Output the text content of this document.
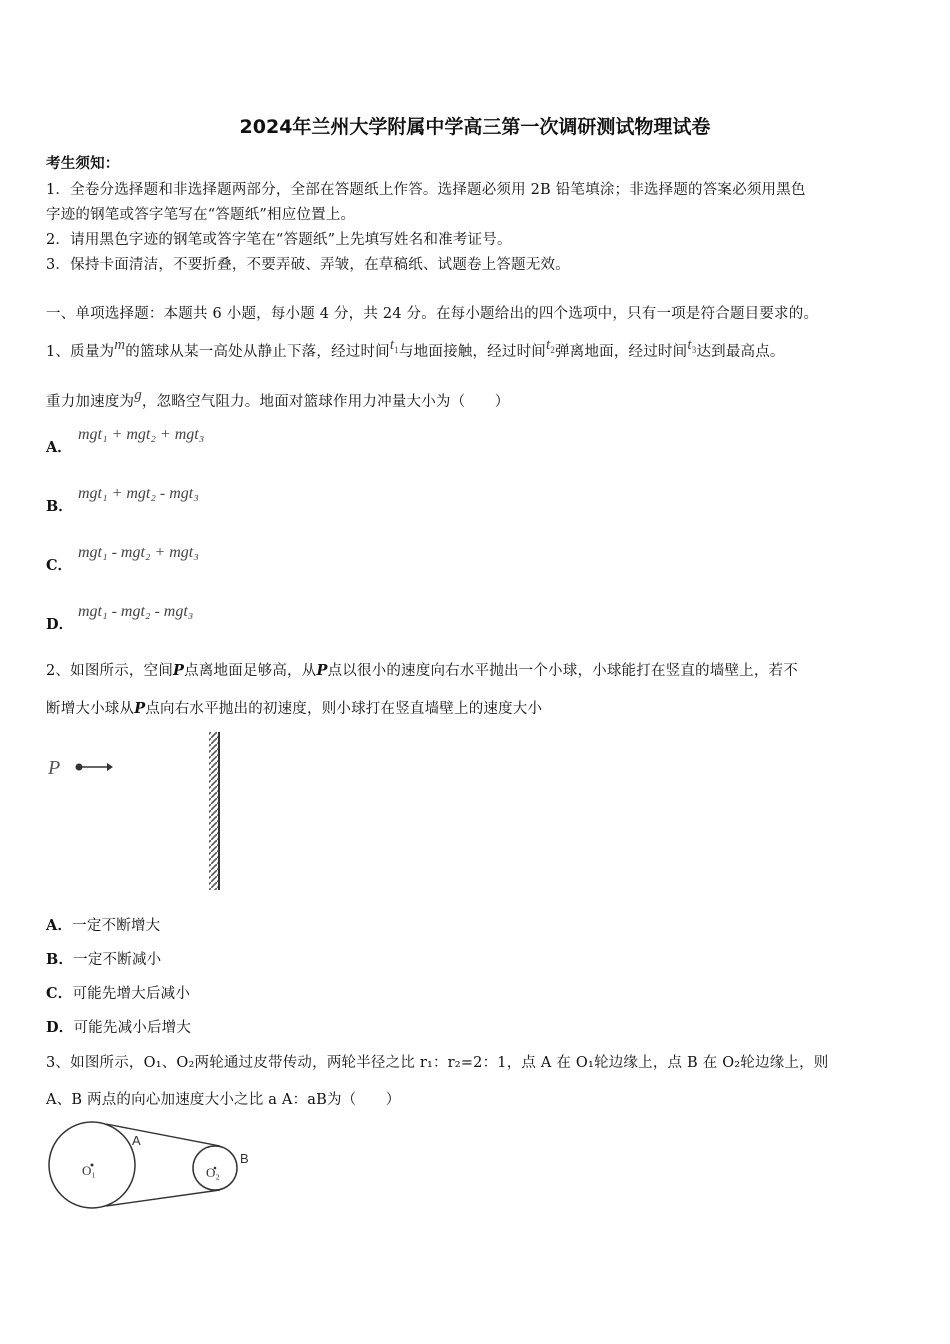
2024年兰州大学附属中学高三第一次调研测试物理试卷
考生须知：
1．全卷分选择题和非选择题两部分，全部在答题纸上作答。选择题必须用 2B 铅笔填涂；非选择题的答案必须用黑色
字迹的钢笔或答字笔写在“答题纸”相应位置上。
2．请用黑色字迹的钢笔或答字笔在“答题纸”上先填写姓名和准考证号。
3．保持卡面清洁，不要折叠，不要弄破、弄皱，在草稿纸、试题卷上答题无效。
一、单项选择题：本题共 6 小题，每小题 4 分，共 24 分。在每小题给出的四个选项中，只有一项是符合题目要求的。
1、质量为m的篮球从某一高处从静止下落，经过时间$t_1$与地面接触，经过时间$t_2$弹离地面，经过时间$t_3$达到最高点。
重力加速度为g，忽略空气阻力。地面对篮球作用力冲量大小为（　　）
A．
mgt₁ + mgt₂ + mgt₃
B．
mgt₁ + mgt₂ - mgt₃
C．
mgt₁ - mgt₂ + mgt₃
D．
mgt₁ - mgt₂ - mgt₃
2、如图所示，空间P点离地面足够高，从P点以很小的速度向右水平抛出一个小球，小球能打在竖直的墙壁上，若不
断增大小球从P点向右水平抛出的初速度，则小球打在竖直墙壁上的速度大小
P
A．一定不断增大
B．一定不断减小
C．可能先增大后减小
D．可能先减小后增大
3、如图所示，O₁、O₂两轮通过皮带传动，两轮半径之比 r₁：r₂=2：1，点 A 在 O₁轮边缘上，点 B 在 O₂轮边缘上，则
A、B 两点的向心加速度大小之比 a A：aB为（　　）
O₁	O₂
A
B
